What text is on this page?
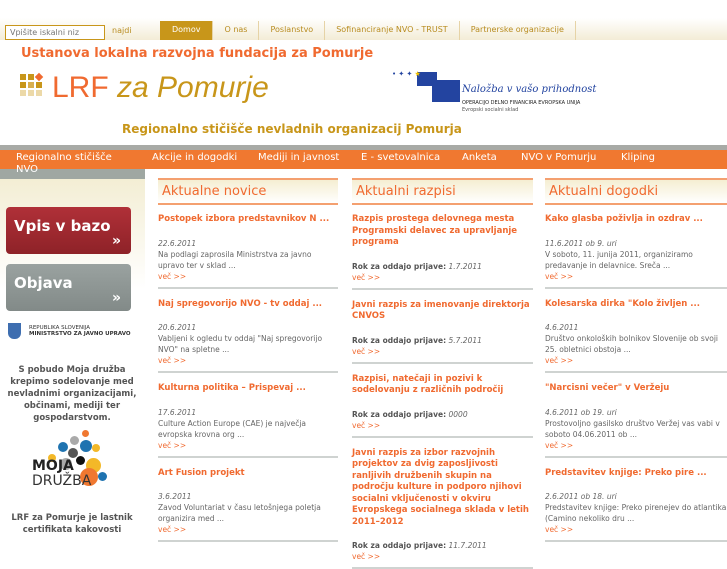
Vpišite iskalni niz
najdi	Domov	O nas	Poslanstvo	Sofinanciranje NVO - TRUST	Partnerske organizacije
Ustanova lokalna razvojna fundacija za Pomurje
LRF za Pomurje	• ✦ ✦ ★
Naložba v vašo prihodnost
OPERACIJO DELNO FINANCIRA EVROPSKA UNIJA
Evropski socialni sklad
Regionalno stičišče nevladnih organizacij Pomurja
Akcije in dogodki Mediji in javnost E - svetovalnica Anketa NVO v Pomurju Kliping
Regionalno stičišče NVO
Vpis v bazo
»
Objava
»
REPUBLIKA SLOVENIJA
MINISTRSTVO ZA JAVNO UPRAVO
S pobudo Moja družba krepimo sodelovanje med nevladnimi organizacijami, občinami, mediji ter gospodarstvom.
MOJA
DRUŽBA
LRF za Pomurje je lastnik certifikata kakovosti
Aktualne novice
Postopek izbora predstavnikov N ...
22.6.2011
Na podlagi zaprosila Ministrstva za javno upravo ter v sklad ...
več >>
Naj spregovorijo NVO - tv oddaj ...
20.6.2011
Vabljeni k ogledu tv oddaj "Naj spregovorijo NVO" na spletne ...
več >>
Kulturna politika – Prispevaj ...
17.6.2011
Culture Action Europe (CAE) je največja evropska krovna org ...
več >>
Art Fusion projekt
3.6.2011
Zavod Voluntariat v času letošnjega poletja organizira med ...
več >>
Aktualni razpisi
Razpis prostega delovnega mesta Programski delavec za upravljanje programa
Rok za oddajo prijave: 1.7.2011
več >>
Javni razpis za imenovanje direktorja CNVOS
Rok za oddajo prijave: 5.7.2011
več >>
Razpisi, natečaji in pozivi k sodelovanju z različnih področij
Rok za oddajo prijave: 0000
več >>
Javni razpis za izbor razvojnih projektov za dvig zaposljivosti ranljivih družbenih skupin na področju kulture in podporo njihovi socialni vključenosti v okviru Evropskega socialnega sklada v letih 2011–2012
Rok za oddajo prijave: 11.7.2011
več >>
Aktualni dogodki
Kako glasba poživlja in ozdrav ...
11.6.2011 ob 9. uri
V soboto, 11. junija 2011, organiziramo predavanje in delavnice. Sreča ...
več >>
Kolesarska dirka "Kolo življen ...
4.6.2011
Društvo onkoloških bolnikov Slovenije ob svoji 25. obletnici obstoja ...
več >>
"Narcisni večer" v Veržeju
4.6.2011 ob 19. uri
Prostovoljno gasilsko društvo Veržej vas vabi v soboto 04.06.2011 ob ...
več >>
Predstavitev knjige: Preko pire ...
2.6.2011 ob 18. uri
Predstavitev knjige: Preko pirenejev do atlantika (Camino nekoliko dru ...
več >>
